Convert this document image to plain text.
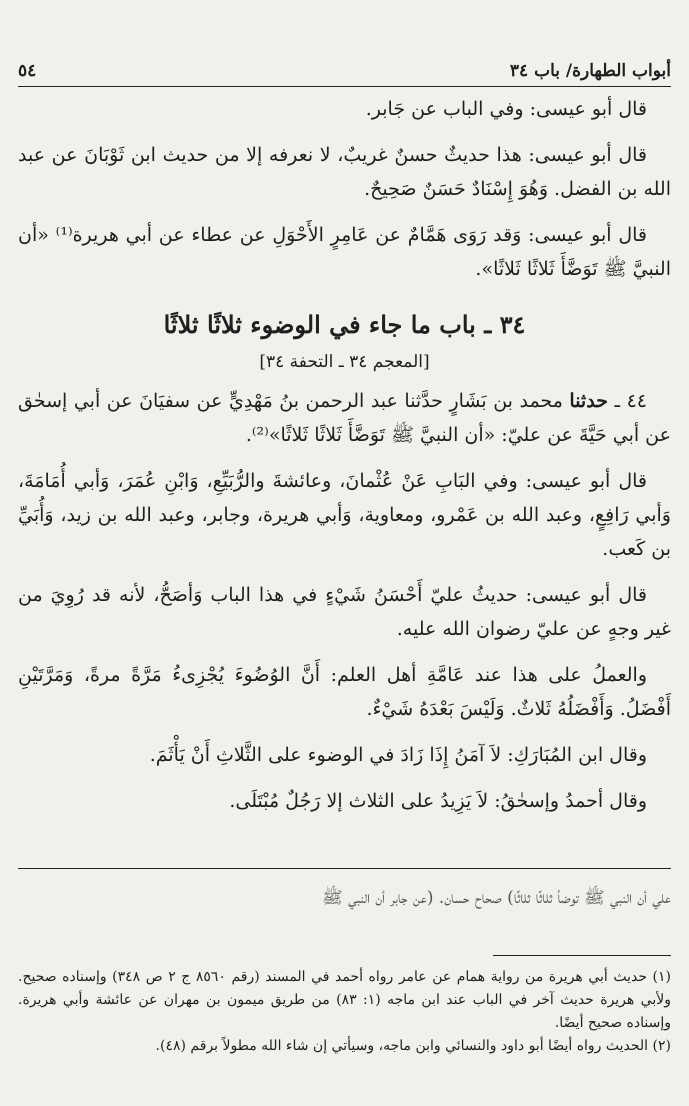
أبواب الطهارة/ باب ٣٤
٥٤

قال أبو عيسى: وفي الباب عن جَابر.

قال أبو عيسى: هذا حديثٌ حسنٌ غريبٌ، لا نعرفه إلا من حديث ابن ثَوْبَانَ عن عبد الله بن الفضل. وَهُوَ إِسْنَادٌ حَسَنٌ صَحِيحٌ.

قال أبو عيسى: وَقد رَوَى هَمَّامٌ عن عَامِرٍ الأَحْوَلِ عن عطاء عن أبي هريرة⁽¹⁾ «أن النبيَّ ﷺ تَوَضَّأَ ثَلاثًا ثَلاثًا».

٣٤ ـ باب ما جاء في الوضوء ثلاثًا ثلاثًا
[المعجم ٣٤ ـ التحفة ٣٤]

٤٤ ـ حدثنا محمد بن بَشَارٍ حدَّثنا عبد الرحمن بنُ مَهْدِيٍّ عن سفيَانَ عن أبي إسحٰق عن أبي حَيَّةَ عن عليّ: «أن النبيَّ ﷺ تَوَضَّأَ ثَلاثًا ثَلاثًا»⁽²⁾.

قال أبو عيسى: وفي البَابِ عَنْ عُثْمانَ، وعائشةَ والرُّبَيِّعِ، وَابْنِ عُمَرَ، وَأبي أُمَامَةَ، وَأبي رَافِعٍ، وعبد الله بن عَمْرو، ومعاوية، وَأبي هريرة، وجابر، وعبد الله بن زيد، وَأُبَيِّ بن كَعب.

قال أبو عيسى: حديثُ عليّ أَحْسَنُ شَيْءٍ في هذا الباب وَأصَحُّ، لأنه قد رُوِيَ من غير وجهٍ عن عليّ رضوان الله عليه.

والعملُ على هذا عند عَامَّةِ أهل العلم: أَنَّ الوُضُوءَ يُجْزِىءُ مَرَّةً مرةً، وَمَرَّتَيْنِ أَفْضَلُ. وَأَفْضَلُهُ ثَلاثٌ. وَلَيْسَ بَعْدَهُ شَيْءٌ.

وقال ابن المُبَارَكِ: لاَ آمَنُ إِذَا زَادَ في الوضوء على الثَّلاثِ أَنْ يَأْثَمَ.

وقال أحمدُ وإسحٰقُ: لاَ يَزِيدُ على الثلاث إلا رَجُلٌ مُبْتَلَى.

علي أن النبي ﷺ توضأ ثلاثًا ثلاثًا) صحاح حسان. (عن جابر أن النبي ﷺ

(١) حديث أبي هريرة من رواية همام عن عامر رواه أحمد في المسند (رقم ٨٥٦٠ ج ٢ ص ٣٤٨) وإسناده صحيح. ولأبي هريرة حديث آخر في الباب عند ابن ماجه (١: ٨٣) من طريق ميمون بن مهران عن عائشة وأبي هريرة. وإسناده صحيح أيضًا.

(٢) الحديث رواه أيضًا أبو داود والنسائي وابن ماجه، وسيأتي إن شاء الله مطولاً برقم (٤٨).
